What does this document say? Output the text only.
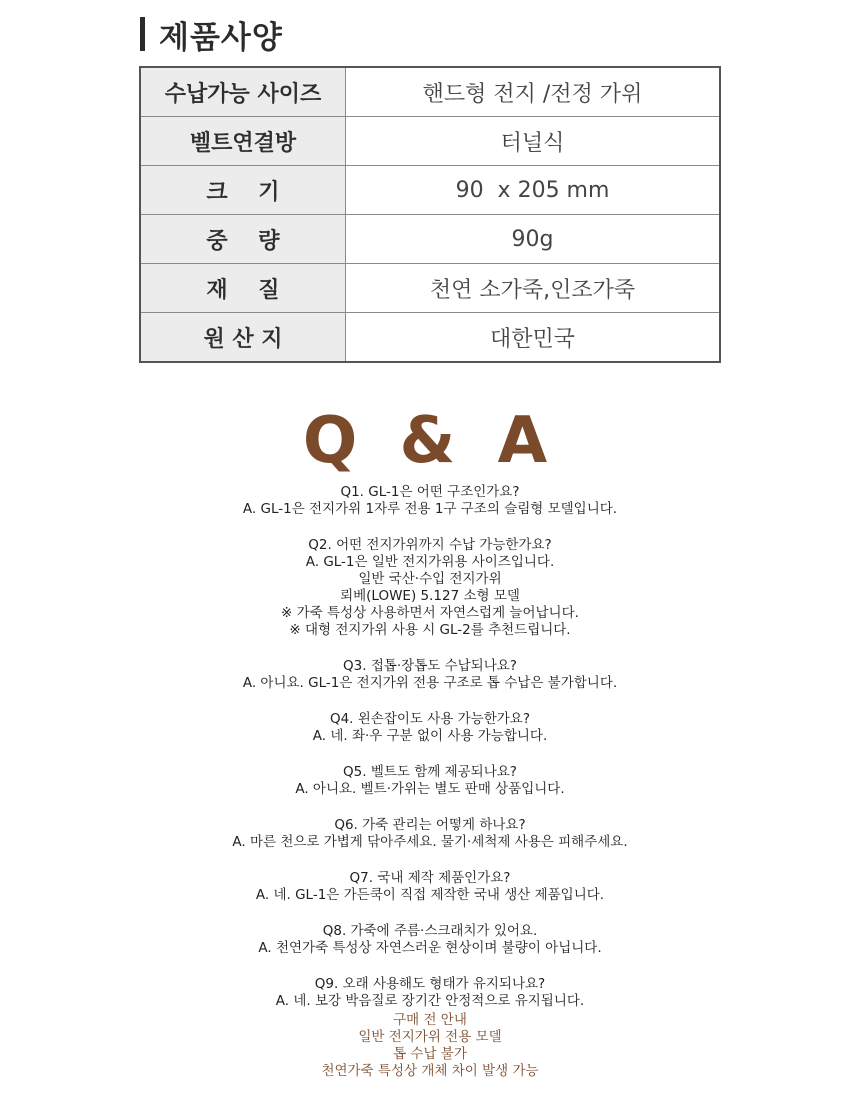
제품사양
수납가능 사이즈	핸드형 전지 /전정 가위
벨트연결방	터널식
크    기	90  x 205 mm
중    량	90g
재    질	천연 소가죽,인조가죽
원 산 지	대한민국
Q & A
Q1. GL-1은 어떤 구조인가요?
A. GL-1은 전지가위 1자루 전용 1구 구조의 슬림형 모델입니다.
Q2. 어떤 전지가위까지 수납 가능한가요?
A. GL-1은 일반 전지가위용 사이즈입니다.
일반 국산·수입 전지가위
뢰베(LOWE) 5.127 소형 모델
※ 가죽 특성상 사용하면서 자연스럽게 늘어납니다.
※ 대형 전지가위 사용 시 GL-2를 추천드립니다.
Q3. 접톱·장톱도 수납되나요?
A. 아니요. GL-1은 전지가위 전용 구조로 톱 수납은 불가합니다.
Q4. 왼손잡이도 사용 가능한가요?
A. 네. 좌·우 구분 없이 사용 가능합니다.
Q5. 벨트도 함께 제공되나요?
A. 아니요. 벨트·가위는 별도 판매 상품입니다.
Q6. 가죽 관리는 어떻게 하나요?
A. 마른 천으로 가볍게 닦아주세요. 물기·세척제 사용은 피해주세요.
Q7. 국내 제작 제품인가요?
A. 네. GL-1은 가든쿡이 직접 제작한 국내 생산 제품입니다.
Q8. 가죽에 주름·스크래치가 있어요.
A. 천연가죽 특성상 자연스러운 현상이며 불량이 아닙니다.
Q9. 오래 사용해도 형태가 유지되나요?
A. 네. 보강 박음질로 장기간 안정적으로 유지됩니다.
구매 전 안내
일반 전지가위 전용 모델
톱 수납 불가
천연가죽 특성상 개체 차이 발생 가능
